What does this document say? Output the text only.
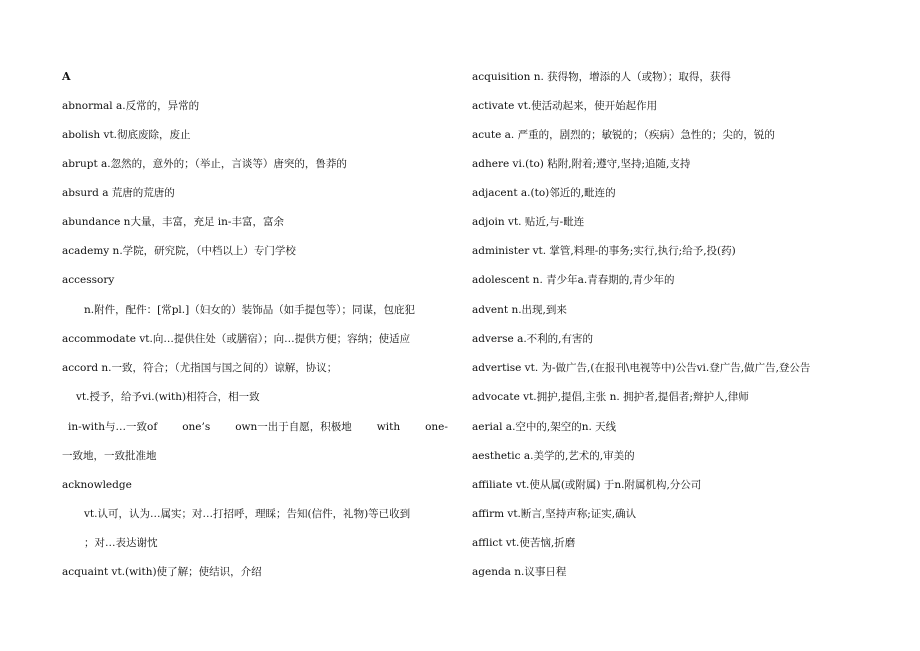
A
abnormal a.反常的，异常的
abolish vt.彻底废除，废止
abrupt a.忽然的，意外的；（举止，言谈等）唐突的，鲁莽的
absurd a 荒唐的荒唐的
abundance n大量，丰富，充足 in-丰富，富余
academy n.学院，研究院，（中档以上）专门学校
accessory
n.附件，配件：[常pl.]（妇女的）装饰品（如手提包等）；同谋，包庇犯
accommodate vt.向…提供住处（或膳宿）；向…提供方便；容纳；使适应
accord n.一致，符合；（尤指国与国之间的）谅解，协议；
vt.授予，给予vi.(with)相符合，相一致
in-with与…一致of one’s own一出于自愿，积极地 with one-
一致地，一致批准地
acknowledge
vt.认可，认为…属实；对…打招呼，理睬；告知(信件，礼物)等已收到
；对…表达谢忱
acquaint vt.(with)使了解；使结识，介绍
acquisition n. 获得物，增添的人（或物）；取得，获得
activate vt.使活动起来，使开始起作用
acute a. 严重的，剧烈的；敏锐的；（疾病）急性的；尖的，锐的
adhere vi.(to) 粘附,附着;遵守,坚持;追随,支持
adjacent a.(to)邻近的,毗连的
adjoin vt. 贴近,与-毗连
administer vt. 掌管,料理-的事务;实行,执行;给予,投(药)
adolescent n. 青少年a.青春期的,青少年的
advent n.出现,到来
adverse a.不利的,有害的
advertise vt. 为-做广告,(在报刊\电视等中)公告vi.登广告,做广告,登公告
advocate vt.拥护,提倡,主张 n. 拥护者,提倡者;辩护人,律师
aerial a.空中的,架空的n. 天线
aesthetic a.美学的,艺术的,审美的
affiliate vt.使从属(或附属) 于n.附属机构,分公司
affirm vt.断言,坚持声称;证实,确认
afflict vt.使苦恼,折磨
agenda n.议事日程
